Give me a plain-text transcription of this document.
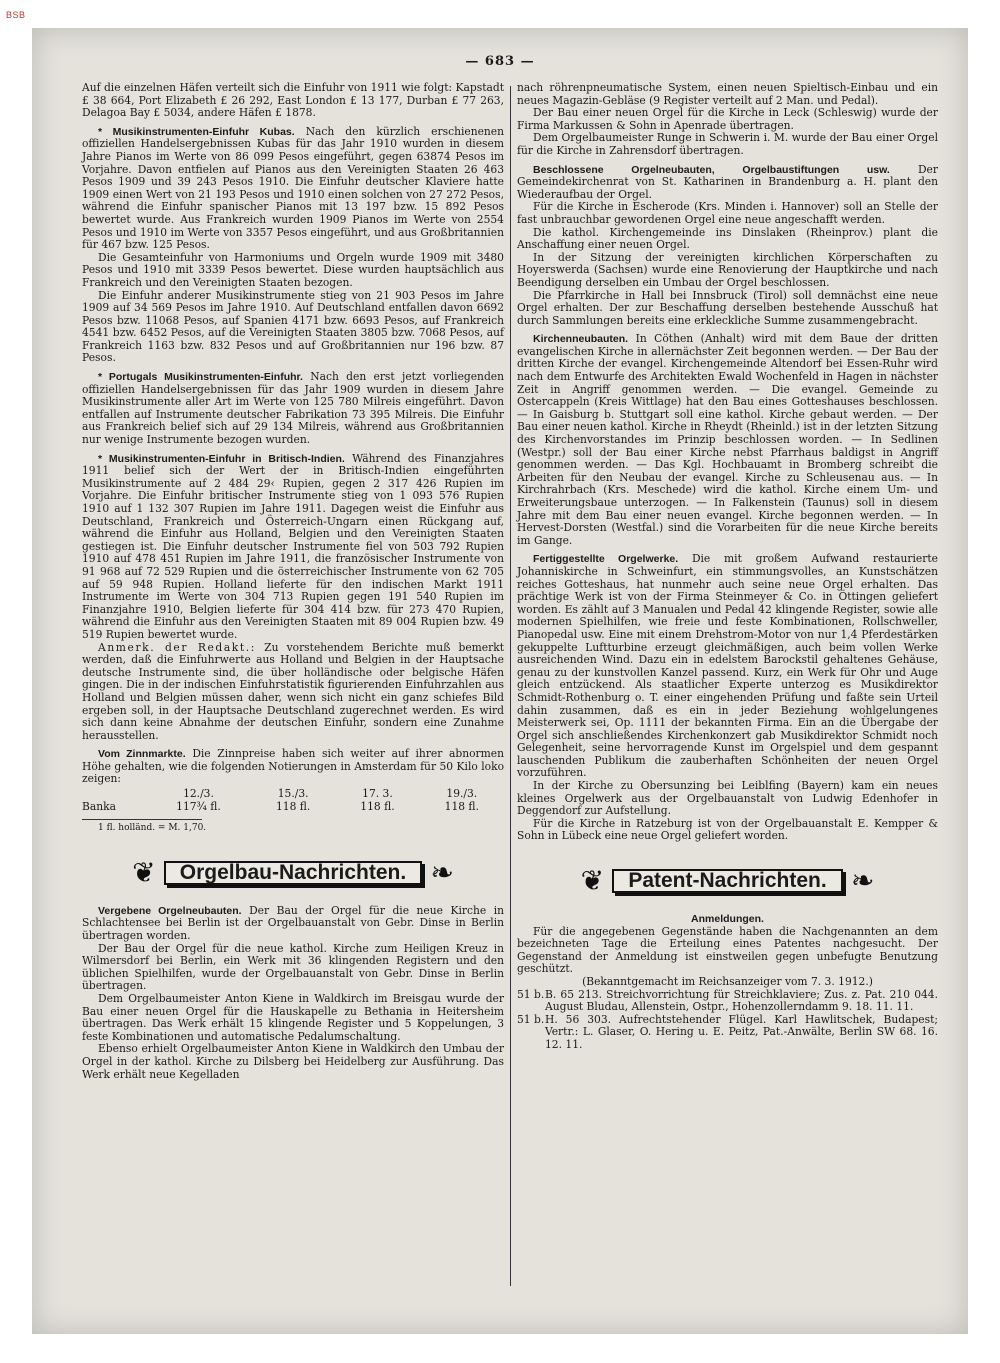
BSB
— 683 —

Auf die einzelnen Häfen verteilt sich die Einfuhr von 1911 wie folgt: Kapstadt £ 38 664, Port Elizabeth £ 26 292, East London £ 13 177, Durban £ 77 263, Delagoa Bay £ 5034, andere Häfen £ 1878.

* Musikinstrumenten-Einfuhr Kubas. Nach den kürzlich erschienenen offiziellen Handelsergebnissen Kubas für das Jahr 1910 wurden in diesem Jahre Pianos im Werte von 86 099 Pesos eingeführt, gegen 63874 Pesos im Vorjahre. Davon entfielen auf Pianos aus den Vereinigten Staaten 26 463 Pesos 1909 und 39 243 Pesos 1910. Die Einfuhr deutscher Klaviere hatte 1909 einen Wert von 21 193 Pesos und 1910 einen solchen von 27 272 Pesos, während die Einfuhr spanischer Pianos mit 13 197 bzw. 15 892 Pesos bewertet wurde. Aus Frankreich wurden 1909 Pianos im Werte von 2554 Pesos und 1910 im Werte von 3357 Pesos eingeführt, und aus Großbritannien für 467 bzw. 125 Pesos.

Die Gesamteinfuhr von Harmoniums und Orgeln wurde 1909 mit 3480 Pesos und 1910 mit 3339 Pesos bewertet. Diese wurden hauptsächlich aus Frankreich und den Vereinigten Staaten bezogen.

Die Einfuhr anderer Musikinstrumente stieg von 21 903 Pesos im Jahre 1909 auf 34 569 Pesos im Jahre 1910. Auf Deutschland entfallen davon 6692 Pesos bzw. 11068 Pesos, auf Spanien 4171 bzw. 6693 Pesos, auf Frankreich 4541 bzw. 6452 Pesos, auf die Vereinigten Staaten 3805 bzw. 7068 Pesos, auf Frankreich 1163 bzw. 832 Pesos und auf Großbritannien nur 196 bzw. 87 Pesos.

* Portugals Musikinstrumenten-Einfuhr. Nach den erst jetzt vorliegenden offiziellen Handelsergebnissen für das Jahr 1909 wurden in diesem Jahre Musikinstrumente aller Art im Werte von 125 780 Milreis eingeführt. Davon entfallen auf Instrumente deutscher Fabrikation 73 395 Milreis. Die Einfuhr aus Frankreich belief sich auf 29 134 Milreis, während aus Großbritannien nur wenige Instrumente bezogen wurden.

* Musikinstrumenten-Einfuhr in Britisch-Indien. Während des Finanzjahres 1911 belief sich der Wert der in Britisch-Indien eingeführten Musikinstrumente auf 2 484 29‹ Rupien, gegen 2 317 426 Rupien im Vorjahre. Die Einfuhr britischer Instrumente stieg von 1 093 576 Rupien 1910 auf 1 132 307 Rupien im Jahre 1911. Dagegen weist die Einfuhr aus Deutschland, Frankreich und Österreich-Ungarn einen Rückgang auf, während die Einfuhr aus Holland, Belgien und den Vereinigten Staaten gestiegen ist. Die Einfuhr deutscher Instrumente fiel von 503 792 Rupien 1910 auf 478 451 Rupien im Jahre 1911, die französischer Instrumente von 91 968 auf 72 529 Rupien und die österreichischer Instrumente von 62 705 auf 59 948 Rupien. Holland lieferte für den indischen Markt 1911 Instrumente im Werte von 304 713 Rupien gegen 191 540 Rupien im Finanzjahre 1910, Belgien lieferte für 304 414 bzw. für 273 470 Rupien, während die Einfuhr aus den Vereinigten Staaten mit 89 004 Rupien bzw. 49 519 Rupien bewertet wurde.

Anmerk. der Redakt.: Zu vorstehendem Berichte muß bemerkt werden, daß die Einfuhrwerte aus Holland und Belgien in der Hauptsache deutsche Instrumente sind, die über holländische oder belgische Häfen gingen. Die in der indischen Einfuhrstatistik figurierenden Einfuhrzahlen aus Holland und Belgien müssen daher, wenn sich nicht ein ganz schiefes Bild ergeben soll, in der Hauptsache Deutschland zugerechnet werden. Es wird sich dann keine Abnahme der deutschen Einfuhr, sondern eine Zunahme herausstellen.

Vom Zinnmarkte. Die Zinnpreise haben sich weiter auf ihrer abnormen Höhe gehalten, wie die folgenden Notierungen in Amsterdam für 50 Kilo loko zeigen:

	12./3.	15./3.	17. 3.	19./3.
Banka	117¾ fl.	118 fl.	118 fl.	118 fl.

1 fl. holländ. = M. 1,70.

❦	Orgelbau-Nachrichten. ❧

Vergebene Orgelneubauten. Der Bau der Orgel für die neue Kirche in Schlachtensee bei Berlin ist der Orgelbauanstalt von Gebr. Dinse in Berlin übertragen worden.

Der Bau der Orgel für die neue kathol. Kirche zum Heiligen Kreuz in Wilmersdorf bei Berlin, ein Werk mit 36 klingenden Registern und den üblichen Spielhilfen, wurde der Orgelbauanstalt von Gebr. Dinse in Berlin übertragen.

Dem Orgelbaumeister Anton Kiene in Waldkirch im Breisgau wurde der Bau einer neuen Orgel für die Hauskapelle zu Bethania in Heitersheim übertragen. Das Werk erhält 15 klingende Register und 5 Koppelungen, 3 feste Kombinationen und automatische Pedalumschaltung.

Ebenso erhielt Orgelbaumeister Anton Kiene in Waldkirch den Umbau der Orgel in der kathol. Kirche zu Dilsberg bei Heidelberg zur Ausführung. Das Werk erhält neue Kegelladen

nach röhrenpneumatische System, einen neuen Spieltisch-Einbau und ein neues Magazin-Gebläse (9 Register verteilt auf 2 Man. und Pedal).

Der Bau einer neuen Orgel für die Kirche in Leck (Schleswig) wurde der Firma Markussen & Sohn in Apenrade übertragen.

Dem Orgelbaumeister Runge in Schwerin i. M. wurde der Bau einer Orgel für die Kirche in Zahrensdorf übertragen.

Beschlossene Orgelneubauten, Orgelbaustiftungen usw.	Der Gemeindekirchenrat von St. Katharinen in Brandenburg a. H. plant den Wiederaufbau der Orgel.

Für die Kirche in Escherode (Krs. Minden i. Hannover) soll an Stelle der fast unbrauchbar gewordenen Orgel eine neue angeschafft werden.

Die kathol. Kirchengemeinde ins Dinslaken (Rheinprov.) plant die Anschaffung einer neuen Orgel.

In der Sitzung der vereinigten kirchlichen Körperschaften zu Hoyerswerda (Sachsen) wurde eine Renovierung der Hauptkirche und nach Beendigung derselben ein Umbau der Orgel beschlossen.

Die Pfarrkirche in Hall bei Innsbruck (Tirol) soll demnächst eine neue Orgel erhalten. Der zur Beschaffung derselben bestehende Ausschuß hat durch Sammlungen bereits eine erkleckliche Summe zusammengebracht.

Kirchenneubauten. In Cöthen (Anhalt) wird mit dem Baue der dritten evangelischen Kirche in allernächster Zeit begonnen werden. — Der Bau der dritten Kirche der evangel. Kirchengemeinde Altendorf bei Essen-Ruhr wird nach dem Entwurfe des Architekten Ewald Wochenfeld in Hagen in nächster Zeit in Angriff genommen werden. — Die evangel. Gemeinde zu Ostercappeln (Kreis Wittlage) hat den Bau eines Gotteshauses beschlossen. — In Gaisburg b. Stuttgart soll eine kathol. Kirche gebaut werden. — Der Bau einer neuen kathol. Kirche in Rheydt (Rheinld.) ist in der letzten Sitzung des Kirchenvorstandes im Prinzip beschlossen worden. — In Sedlinen (Westpr.) soll der Bau einer Kirche nebst Pfarrhaus baldigst in Angriff genommen werden. — Das Kgl. Hochbauamt in Bromberg schreibt die Arbeiten für den Neubau der evangel. Kirche zu Schleusenau aus. — In Kirchrahrbach (Krs. Meschede) wird die kathol. Kirche einem Um- und Erweiterungsbaue unterzogen. — In Falkenstein (Taunus) soll in diesem Jahre mit dem Bau einer neuen evangel. Kirche begonnen werden. — In Hervest-Dorsten (Westfal.) sind die Vorarbeiten für die neue Kirche bereits im Gange.

Fertiggestellte Orgelwerke. Die mit großem Aufwand restaurierte Johanniskirche in Schweinfurt, ein stimmungsvolles, an Kunstschätzen reiches Gotteshaus, hat nunmehr auch seine neue Orgel erhalten. Das prächtige Werk ist von der Firma Steinmeyer & Co. in Öttingen geliefert worden. Es zählt auf 3 Manualen und Pedal 42 klingende Register, sowie alle modernen Spielhilfen, wie freie und feste Kombinationen, Rollschweller, Pianopedal usw. Eine mit einem Drehstrom-Motor von nur 1,4 Pferdestärken gekuppelte Luftturbine erzeugt gleichmäßigen, auch beim vollen Werke ausreichenden Wind. Dazu ein in edelstem Barockstil gehaltenes Gehäuse, genau zu der kunstvollen Kanzel passend. Kurz, ein Werk für Ohr und Auge gleich entzückend. Als staatlicher Experte unterzog es Musikdirektor Schmidt-Rothenburg o. T. einer eingehenden Prüfung und faßte sein Urteil dahin zusammen, daß es ein in jeder Beziehung wohlgelungenes Meisterwerk sei, Op. 1111 der bekannten Firma. Ein an die Übergabe der Orgel sich anschließendes Kirchenkonzert gab Musikdirektor Schmidt noch Gelegenheit, seine hervorragende Kunst im Orgelspiel und dem gespannt lauschenden Publikum die zauberhaften Schönheiten der neuen Orgel vorzuführen.

In der Kirche zu Obersunzing bei Leiblfing (Bayern) kam ein neues kleines Orgelwerk aus der Orgelbauanstalt von Ludwig Edenhofer in Deggendorf zur Aufstellung.

Für die Kirche in Ratzeburg ist von der Orgelbauanstalt E. Kempper & Sohn in Lübeck eine neue Orgel geliefert worden.

❦	Patent-Nachrichten. ❧
Anmeldungen.

Für die angegebenen Gegenstände haben die Nachgenannten an dem bezeichneten Tage die Erteilung eines Patentes nachgesucht. Der Gegenstand der Anmeldung ist einstweilen gegen unbefugte Benutzung geschützt.

(Bekanntgemacht im Reichsanzeiger vom 7. 3. 1912.)

51 b. B. 65 213. Streichvorrichtung für Streichklaviere; Zus. z. Pat. 210 044. August Bludau, Allenstein, Ostpr., Hohenzollerndamm 9. 18. 11. 11.
51 b. H. 56 303. Aufrechtstehender Flügel. Karl Hawlitschek, Budapest; Vertr.: L. Glaser, O. Hering u. E. Peitz, Pat.-Anwälte, Berlin SW 68. 16. 12. 11.
